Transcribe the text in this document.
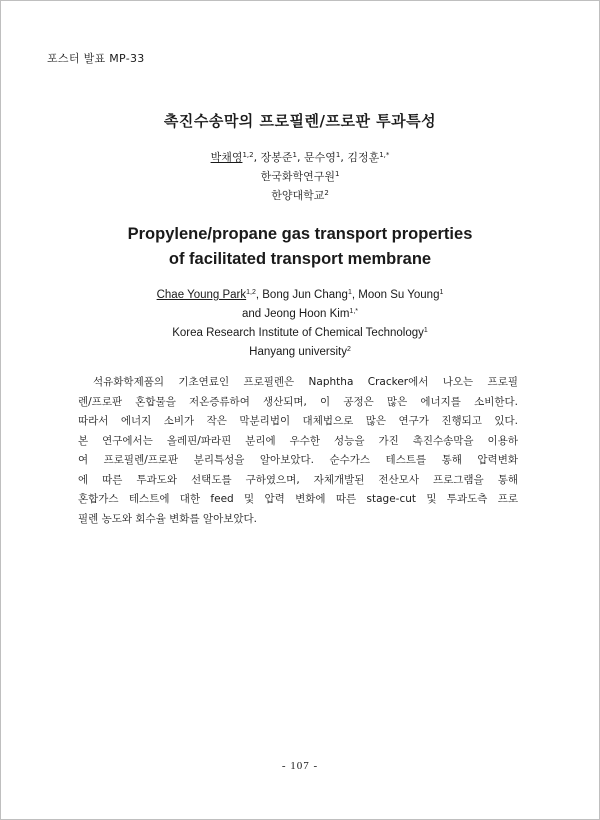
포스터 발표 MP-33
촉진수송막의 프로필렌/프로판 투과특성
박채영$^{1,2}$, 장봉준$^1$, 문수영$^1$, 김정훈$^{1,*}$
한국화학연구원$^1$
한양대학교$^2$
Propylene/propane gas transport properties
of facilitated transport membrane
Chae Young Park$^{1,2}$, Bong Jun Chang$^1$, Moon Su Young$^1$
and Jeong Hoon Kim$^{1,*}$
Korea Research Institute of Chemical Technology$^1$
Hanyang university$^2$
석유화학제품의 기초연료인 프로필렌은 Naphtha Cracker에서 나오는 프로필
렌/프로판 혼합물을 저온증류하여 생산되며, 이 공정은 많은 에너지를 소비한다.
따라서 에너지 소비가 작은 막분리법이 대체법으로 많은 연구가 진행되고 있다.
본 연구에서는 올레핀/파라핀 분리에 우수한 성능을 가진 촉진수송막을 이용하
여 프로필렌/프로판 분리특성을 알아보았다. 순수가스 테스트를 통해 압력변화
에 따른 투과도와 선택도를 구하였으며, 자체개발된 전산모사 프로그램을 통해
혼합가스 테스트에 대한 feed 및 압력 변화에 따른 stage-cut 및 투과도측 프로
필렌 농도와 회수율 변화를 알아보았다.
- 107 -
